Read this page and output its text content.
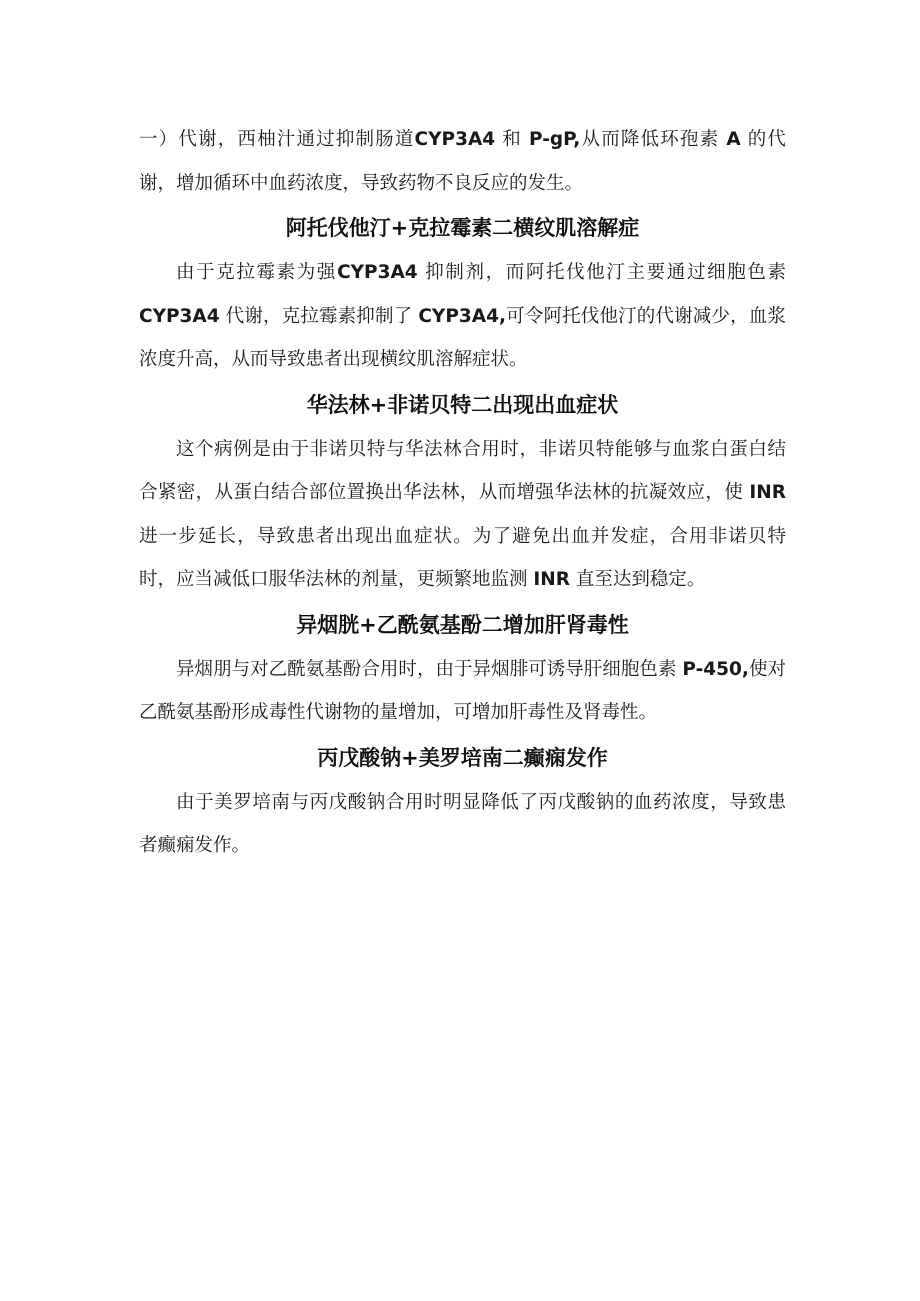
一）代谢，西柚汁通过抑制肠道CYP3A4 和 P-gP,从而降低环孢素 A 的代谢，增加循环中血药浓度，导致药物不良反应的发生。

阿托伐他汀+克拉霉素二横纹肌溶解症

由于克拉霉素为强CYP3A4 抑制剂，而阿托伐他汀主要通过细胞色素CYP3A4 代谢，克拉霉素抑制了 CYP3A4,可令阿托伐他汀的代谢减少，血浆浓度升高，从而导致患者出现横纹肌溶解症状。

华法林+非诺贝特二出现出血症状

这个病例是由于非诺贝特与华法林合用时，非诺贝特能够与血浆白蛋白结合紧密，从蛋白结合部位置换出华法林，从而增强华法林的抗凝效应，使 INR 进一步延长，导致患者出现出血症状。为了避免出血并发症，合用非诺贝特时，应当减低口服华法林的剂量，更频繁地监测 INR 直至达到稳定。

异烟胱+乙酰氨基酚二增加肝肾毒性

异烟朋与对乙酰氨基酚合用时，由于异烟腓可诱导肝细胞色素 P-450,使对乙酰氨基酚形成毒性代谢物的量增加，可增加肝毒性及肾毒性。

丙戊酸钠+美罗培南二癫痫发作

由于美罗培南与丙戊酸钠合用时明显降低了丙戊酸钠的血药浓度，导致患者癫痫发作。
